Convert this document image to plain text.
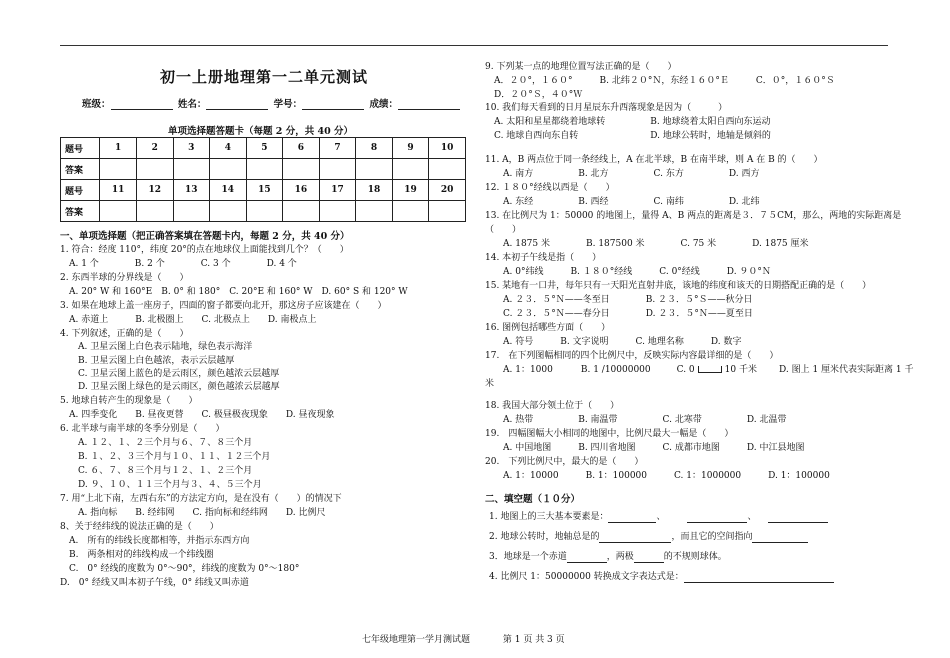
初一上册地理第一二单元测试
班级：	姓名：	学号：	成绩：
单项选择题答题卡（每题 2 分，共 40 分）
题号	1	2	3	4	5	6	7	8	9	10
答案										
题号	11	12	13	14	15	16	17	18	19	20
答案										
一、单项选择题（把正确答案填在答题卡内，每题 2 分，共 40 分）
1. 符合：经度 110°，纬度 20°的点在地球仪上面能找到几个？（　　）
　A. 1 个　　　　B. 2 个　　　　C. 3 个　　　　D. 4 个
2. 东西半球的分界线是（　　）
　A. 20° W 和 160°E　B. 0° 和 180°　C. 20°E 和 160° W　D. 60° S 和 120° W
3. 如果在地球上盖一座房子，四面的窗子都要向北开，那这房子应该建在（　　）
　A. 赤道上　　　B. 北极圈上　　C. 北极点上　　D. 南极点上
4. 下列叙述，正确的是（　　）
　　A. 卫星云图上白色表示陆地，绿色表示海洋
　　B. 卫星云图上白色越浓，表示云层越厚
　　C. 卫星云图上蓝色的是云雨区，颜色越浓云层越厚
　　D. 卫星云图上绿色的是云雨区，颜色越浓云层越厚
5. 地球自转产生的现象是（　　）
　A. 四季变化　　B. 昼夜更替　　C. 极昼极夜现象　　D. 昼夜现象
6. 北半球与南半球的冬季分别是（　　）
　　A. １２、１、２三个月与６、７、８三个月
　　B. １、２、３三个月与１０、１１、１２三个月
　　C. ６、７、８三个月与１２、１、２三个月
　　D. ９、１０、１１三个月与３、４、５三个月
7. 用“上北下南，左西右东”的方法定方向，是在没有（　　）的情况下
　　A. 指向标　　B. 经纬网　　C. 指向标和经纬网　　D. 比例尺
8、关于经纬线的说法正确的是（　　）
　A.　所有的纬线长度都相等，并指示东西方向
　B.　两条相对的纬线构成一个纬线圈
　C.　0° 经线的度数为 0°～90°，纬线的度数为 0°～180°
D.　0° 经线又叫本初子午线，0° 纬线又叫赤道
9. 下列某一点的地理位置写法正确的是（　　）
　A．２０°，１６０°　　　B. 北纬２０°Ｎ，东经１６０°Ｅ　　　C．０°，１６０°Ｓ
　D．２０°Ｓ，４０°Ｗ
10. 我们每天看到的日月星辰东升西落现象是因为（　　　）
　A. 太阳和星星都绕着地球转　　　　　B. 地球绕着太阳自西向东运动
　C. 地球自西向东自转　　　　　　　　D. 地球公转时，地轴是倾斜的
11. A，B 两点位于同一条经线上，A 在北半球，B 在南半球，则 A 在 B 的（　　）
　　A. 南方　　　　　B. 北方　　　　　C. 东方　　　　　D. 西方
12. １８０°经线以西是（　　）
　　A. 东经　　　　　B. 西经　　　　　C. 南纬　　　　　D. 北纬
13. 在比例尺为 1：50000 的地图上，量得 A、B 两点的距离是３．７５CM，那么，两地的实际距离是
（　　）
　　A. 1875 米　　　　B. 187500 米　　　　C. 75 米　　　　D. 1875 厘米
14. 本初子午线是指（　　）
　　A. 0°纬线　　　B. １８０°经线　　　C. 0°经线　　　D. ９０°Ｎ
15. 某地有一口井，每年只有一天阳光直射井底，该地的纬度和该天的日期搭配正确的是（　　）
　　A. ２３．５°Ｎ——冬至日　　　　B. ２３．５°Ｓ——秋分日
　　C. ２３．５°Ｎ——春分日　　　　D. ２３．５°Ｎ——夏至日
16. 图例包括哪些方面（　　）
　　A. 符号　　　B. 文字说明　　　C. 地理名称　　　D. 数字
17.　在下列图幅相同的四个比例尺中，反映实际内容最详细的是（　　）
A. 1：1000	B. 1 /10000000	C. 0	10 千米 D. 图上 1 厘米代表实际距离 1 千
米
18. 我国大部分领土位于（　　）
　　A. 热带　　　　　B. 南温带　　　　　C. 北寒带　　　　　D. 北温带
19.　四幅图幅大小相同的地图中，比例尺最大一幅是（　　）
　　A. 中国地图　　　B. 四川省地图　　　C. 成都市地图　　　D. 中江县地图
20.　下列比例尺中，最大的是（　　）
　　A. 1：10000　　　B. 1：100000　　　C. 1：1000000　　　D. 1：100000
二、填空题（１０分）
1. 地图上的三大基本要素是：	、	、
2. 地球公转时，地轴总是的	，而且它的空间指向
3．地球是一个赤道	，两极	的不规则球体。
4. 比例尺 1：50000000 转换成文字表达式是：
七年级地理第一学月测试题	第 1 页 共 3 页
